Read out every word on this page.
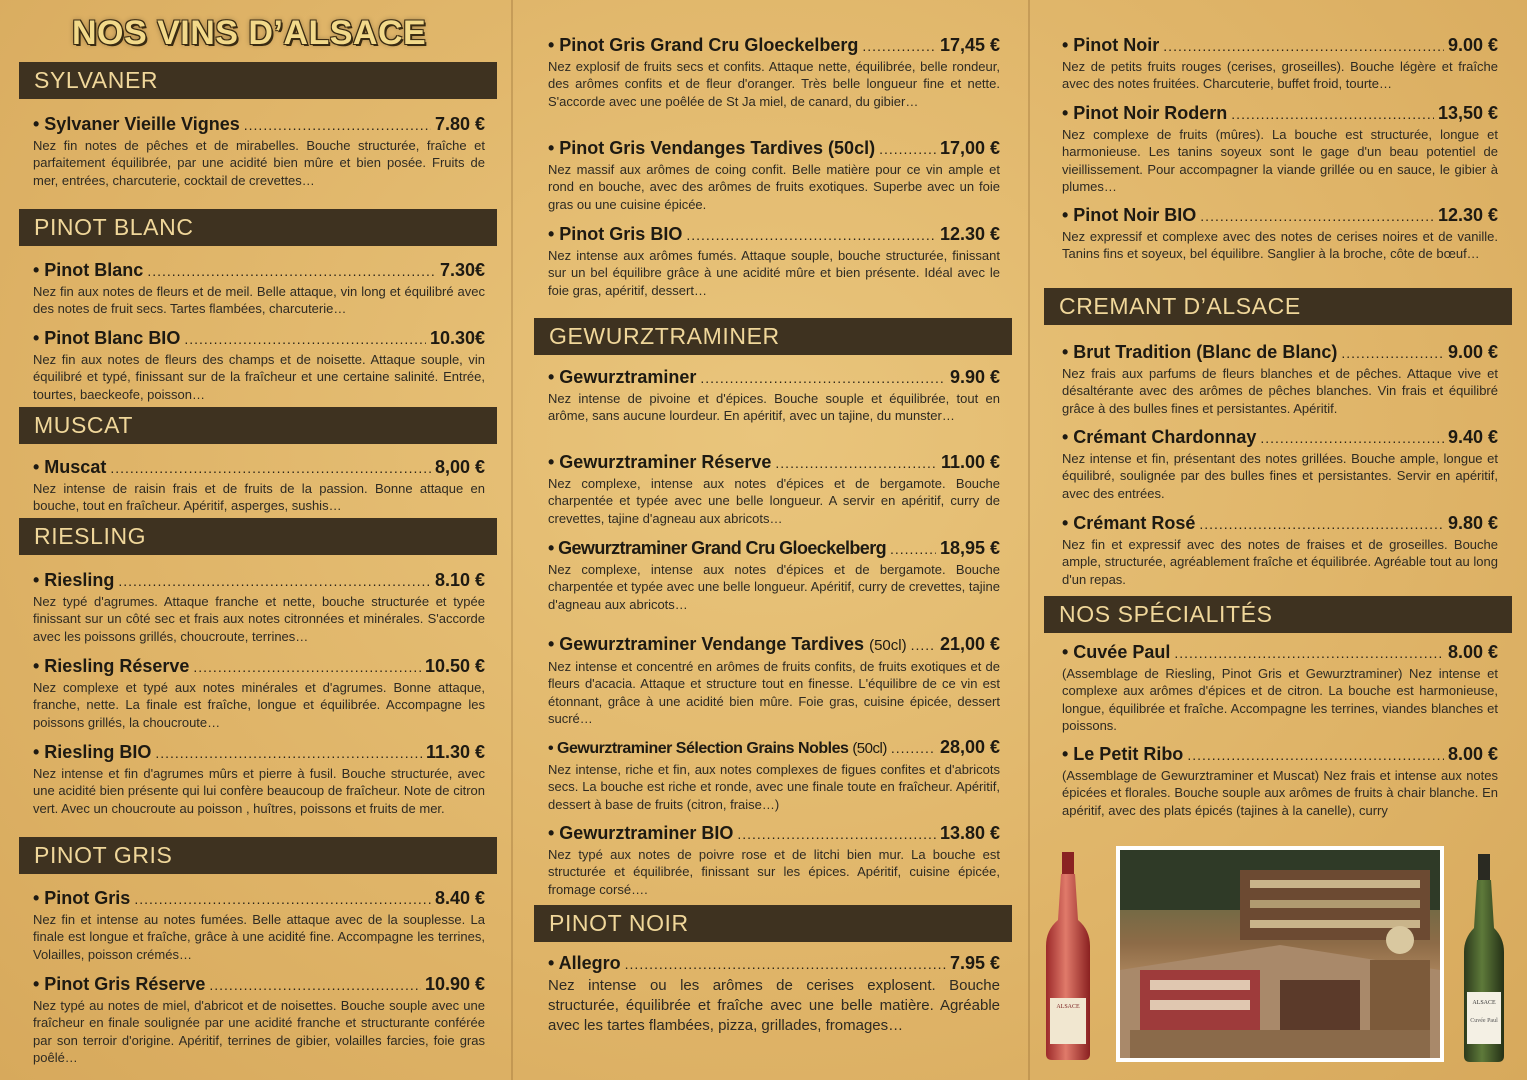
NOS VINS D’ALSACE
SYLVANER
• Sylvaner Vieille Vignes .....	7.80 €
Nez fin notes de pêches et de mirabelles. Bouche structurée, fraîche et parfaitement équilibrée, par une acidité bien mûre et bien posée. Fruits de mer, entrées, charcuterie, cocktail de crevettes…
PINOT BLANC
• Pinot Blanc .....	7.30€
Nez fin aux notes de fleurs et de meil. Belle attaque, vin long et équilibré avec des notes de fruit secs. Tartes flambées, charcuterie…
• Pinot Blanc BIO .....	10.30€
Nez fin aux notes de fleurs des champs et de noisette. Attaque souple, vin équilibré et typé, finissant sur de la fraîcheur et une certaine salinité. Entrée, tourtes, baeckeofe, poisson…
MUSCAT
• Muscat .....	8,00 €
Nez intense de raisin frais et de fruits de la passion. Bonne attaque en bouche, tout en fraîcheur. Apéritif, asperges, sushis…
RIESLING
• Riesling .....	8.10 €
Nez typé d'agrumes. Attaque franche et nette, bouche structurée et typée finissant sur un côté sec et frais aux notes citronnées et minérales. S'accorde avec les poissons grillés, choucroute, terrines…
• Riesling Réserve .....	10.50 €
Nez complexe et typé aux notes minérales et d'agrumes. Bonne attaque, franche, nette. La finale est fraîche, longue et équilibrée. Accompagne les poissons grillés, la choucroute…
• Riesling BIO .....	11.30 €
Nez intense et fin d'agrumes mûrs et pierre à fusil. Bouche structurée, avec une acidité bien présente qui lui confère beaucoup de fraîcheur. Note de citron vert. Avec un choucroute au poisson , huîtres, poissons et fruits de mer.
PINOT GRIS
• Pinot Gris .....	8.40 €
Nez fin et intense au notes fumées. Belle attaque avec de la souplesse. La finale est longue et fraîche, grâce à une acidité fine. Accompagne les terrines, Volailles, poisson crémés…
• Pinot Gris Réserve .....	10.90 €
Nez typé au notes de miel, d'abricot et de noisettes. Bouche souple avec une fraîcheur en finale soulignée par une acidité franche et structurante conférée par son terroir d'origine. Apéritif, terrines de gibier, volailles farcies, foie gras poêlé…
• Pinot Gris Grand Cru Gloeckelberg .....	17,45 €
Nez explosif de fruits secs et confits. Attaque nette, équilibrée, belle rondeur, des arômes confits et de fleur d'oranger. Très belle longueur fine et nette. S'accorde avec une poêlée de St Ja miel, de canard, du gibier…
• Pinot Gris Vendanges Tardives (50cl) .....	17,00 €
Nez massif aux arômes de coing confit. Belle matière pour ce vin ample et rond en bouche, avec des arômes de fruits exotiques. Superbe avec un foie gras ou une cuisine épicée.
• Pinot Gris BIO .....	12.30 €
Nez intense aux arômes fumés. Attaque souple, bouche structurée, finissant sur un bel équilibre grâce à une acidité mûre et bien présente. Idéal avec le foie gras, apéritif, dessert…
GEWURZTRAMINER
• Gewurztraminer .....	9.90 €
Nez intense de pivoine et d'épices. Bouche souple et équilibrée, tout en arôme, sans aucune lourdeur. En apéritif, avec un tajine, du munster…
• Gewurztraminer Réserve .....	11.00 €
Nez complexe, intense aux notes d'épices et de bergamote. Bouche charpentée et typée avec une belle longueur. A servir en apéritif, curry de crevettes, tajine d'agneau aux abricots…
• Gewurztraminer Grand Cru Gloeckelberg .....	18,95 €
Nez complexe, intense aux notes d'épices et de bergamote. Bouche charpentée et typée avec une belle longueur. Apéritif, curry de crevettes, tajine d'agneau aux abricots…
• Gewurztraminer Vendange Tardives (50cl) ..... 21,00 €
Nez intense et concentré en arômes de fruits confits, de fruits exotiques et de fleurs d'acacia. Attaque et structure tout en finesse. L'équilibre de ce vin est étonnant, grâce à une acidité bien mûre. Foie gras, cuisine épicée, dessert sucré…
• Gewurztraminer Sélection Grains Nobles (50cl) .....	28,00 €
Nez intense, riche et fin, aux notes complexes de figues confites et d'abricots secs. La bouche est riche et ronde, avec une finale toute en fraîcheur. Apéritif, dessert à base de fruits (citron, fraise…)
• Gewurztraminer BIO .....	13.80 €
Nez typé aux notes de poivre rose et de litchi bien mur. La bouche est structurée et équilibrée, finissant sur les épices. Apéritif, cuisine épicée, fromage corsé….
PINOT NOIR
• Allegro .....	7.95 €
Nez intense ou les arômes de cerises explosent. Bouche structurée, équilibrée et fraîche avec une belle matière. Agréable avec les tartes flambées, pizza, grillades, fromages…
• Pinot Noir .....	9.00 €
Nez de petits fruits rouges (cerises, groseilles). Bouche légère et fraîche avec des notes fruitées. Charcuterie, buffet froid, tourte…
• Pinot Noir Rodern .....	13,50 €
Nez complexe de fruits (mûres). La bouche est structurée, longue et harmonieuse. Les tanins soyeux sont le gage d'un beau potentiel de vieillissement. Pour accompagner la viande grillée ou en sauce, le gibier à plumes…
• Pinot Noir BIO .....	12.30 €
Nez expressif et complexe avec des notes de cerises noires et de vanille. Tanins fins et soyeux, bel équilibre. Sanglier à la broche, côte de bœuf…
CREMANT D’ALSACE
• Brut Tradition (Blanc de Blanc) .....	9.00 €
Nez frais aux parfums de fleurs blanches et de pêches. Attaque vive et désaltérante avec des arômes de pêches blanches. Vin frais et équilibré grâce à des bulles fines et persistantes. Apéritif.
• Crémant Chardonnay .....	9.40 €
Nez intense et fin, présentant des notes grillées. Bouche ample, longue et équilibré, soulignée par des bulles fines et persistantes. Servir en apéritif, avec des entrées.
• Crémant Rosé .....	9.80 €
Nez fin et expressif avec des notes de fraises et de groseilles. Bouche ample, structurée, agréablement fraîche et équilibrée. Agréable tout au long d'un repas.
NOS SPÉCIALITÉS
• Cuvée Paul .....	8.00 €
(Assemblage de Riesling, Pinot Gris et Gewurztraminer) Nez intense et complexe aux arômes d'épices et de citron. La bouche est harmonieuse, longue, équilibrée et fraîche. Accompagne les terrines, viandes blanches et poissons.
• Le Petit Ribo .....	8.00 €
(Assemblage de Gewurztraminer et Muscat) Nez frais et intense aux notes épicées et florales. Bouche souple aux arômes de fruits à chair blanche. En apéritif, avec des plats épicés (tajines à la canelle), curry
ALSACE
ALSACE
Cuvée Paul
